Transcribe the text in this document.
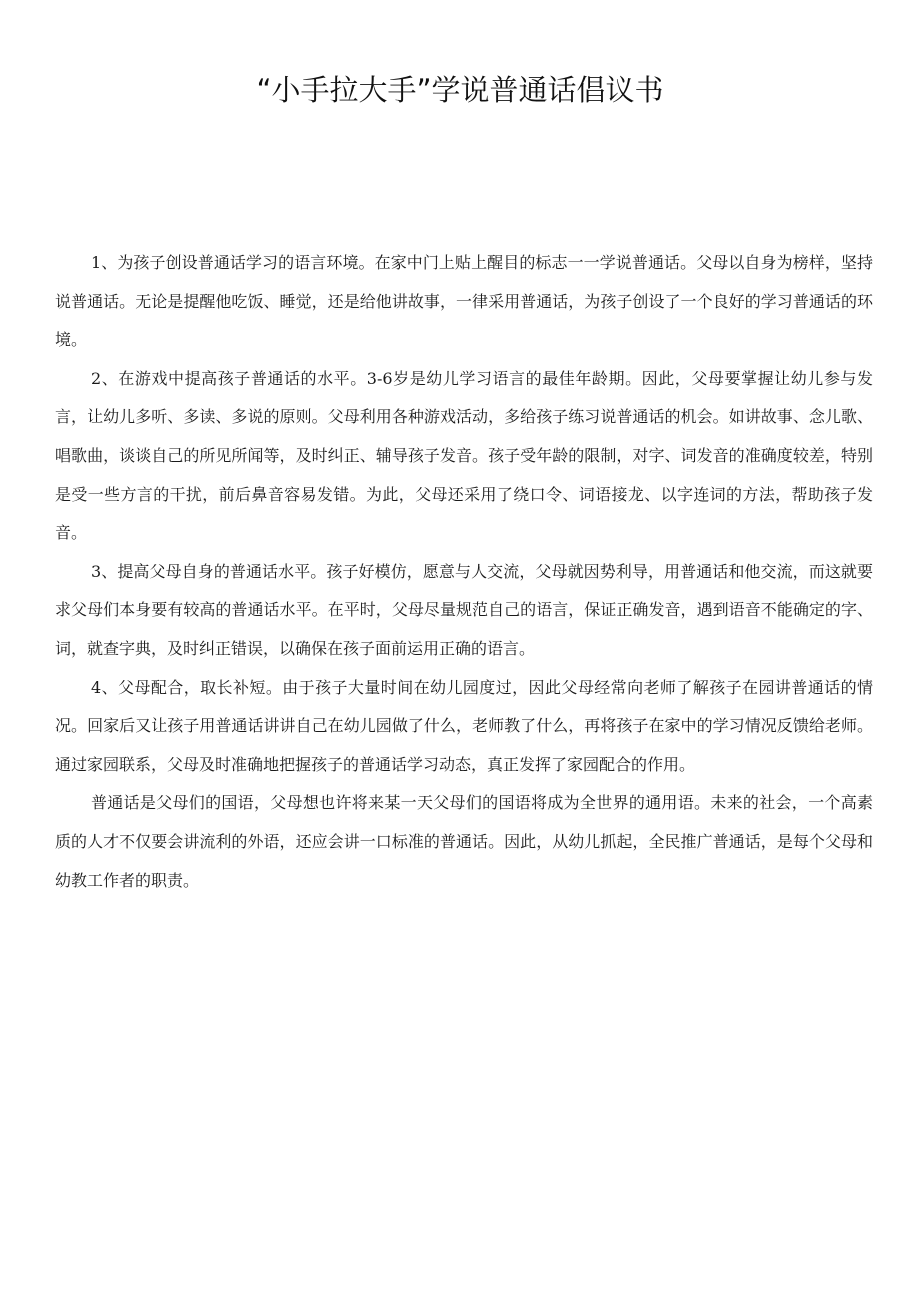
“小手拉大手”学说普通话倡议书

1、为孩子创设普通话学习的语言环境。在家中门上贴上醒目的标志一一学说普通话。父母以自身为榜样，坚持说普通话。无论是提醒他吃饭、睡觉，还是给他讲故事，一律采用普通话，为孩子创设了一个良好的学习普通话的环境。

2、在游戏中提高孩子普通话的水平。3-6岁是幼儿学习语言的最佳年龄期。因此，父母要掌握让幼儿参与发言，让幼儿多听、多读、多说的原则。父母利用各种游戏活动，多给孩子练习说普通话的机会。如讲故事、念儿歌、唱歌曲，谈谈自己的所见所闻等，及时纠正、辅导孩子发音。孩子受年龄的限制，对字、词发音的准确度较差，特别是受一些方言的干扰，前后鼻音容易发错。为此，父母还采用了绕口令、词语接龙、以字连词的方法，帮助孩子发音。

3、提高父母自身的普通话水平。孩子好模仿，愿意与人交流，父母就因势利导，用普通话和他交流，而这就要求父母们本身要有较高的普通话水平。在平时，父母尽量规范自己的语言，保证正确发音，遇到语音不能确定的字、词，就查字典，及时纠正错误，以确保在孩子面前运用正确的语言。

4、父母配合，取长补短。由于孩子大量时间在幼儿园度过，因此父母经常向老师了解孩子在园讲普通话的情况。回家后又让孩子用普通话讲讲自己在幼儿园做了什么，老师教了什么，再将孩子在家中的学习情况反馈给老师。通过家园联系，父母及时准确地把握孩子的普通话学习动态，真正发挥了家园配合的作用。

普通话是父母们的国语，父母想也许将来某一天父母们的国语将成为全世界的通用语。未来的社会，一个高素质的人才不仅要会讲流利的外语，还应会讲一口标准的普通话。因此，从幼儿抓起，全民推广普通话，是每个父母和幼教工作者的职责。
